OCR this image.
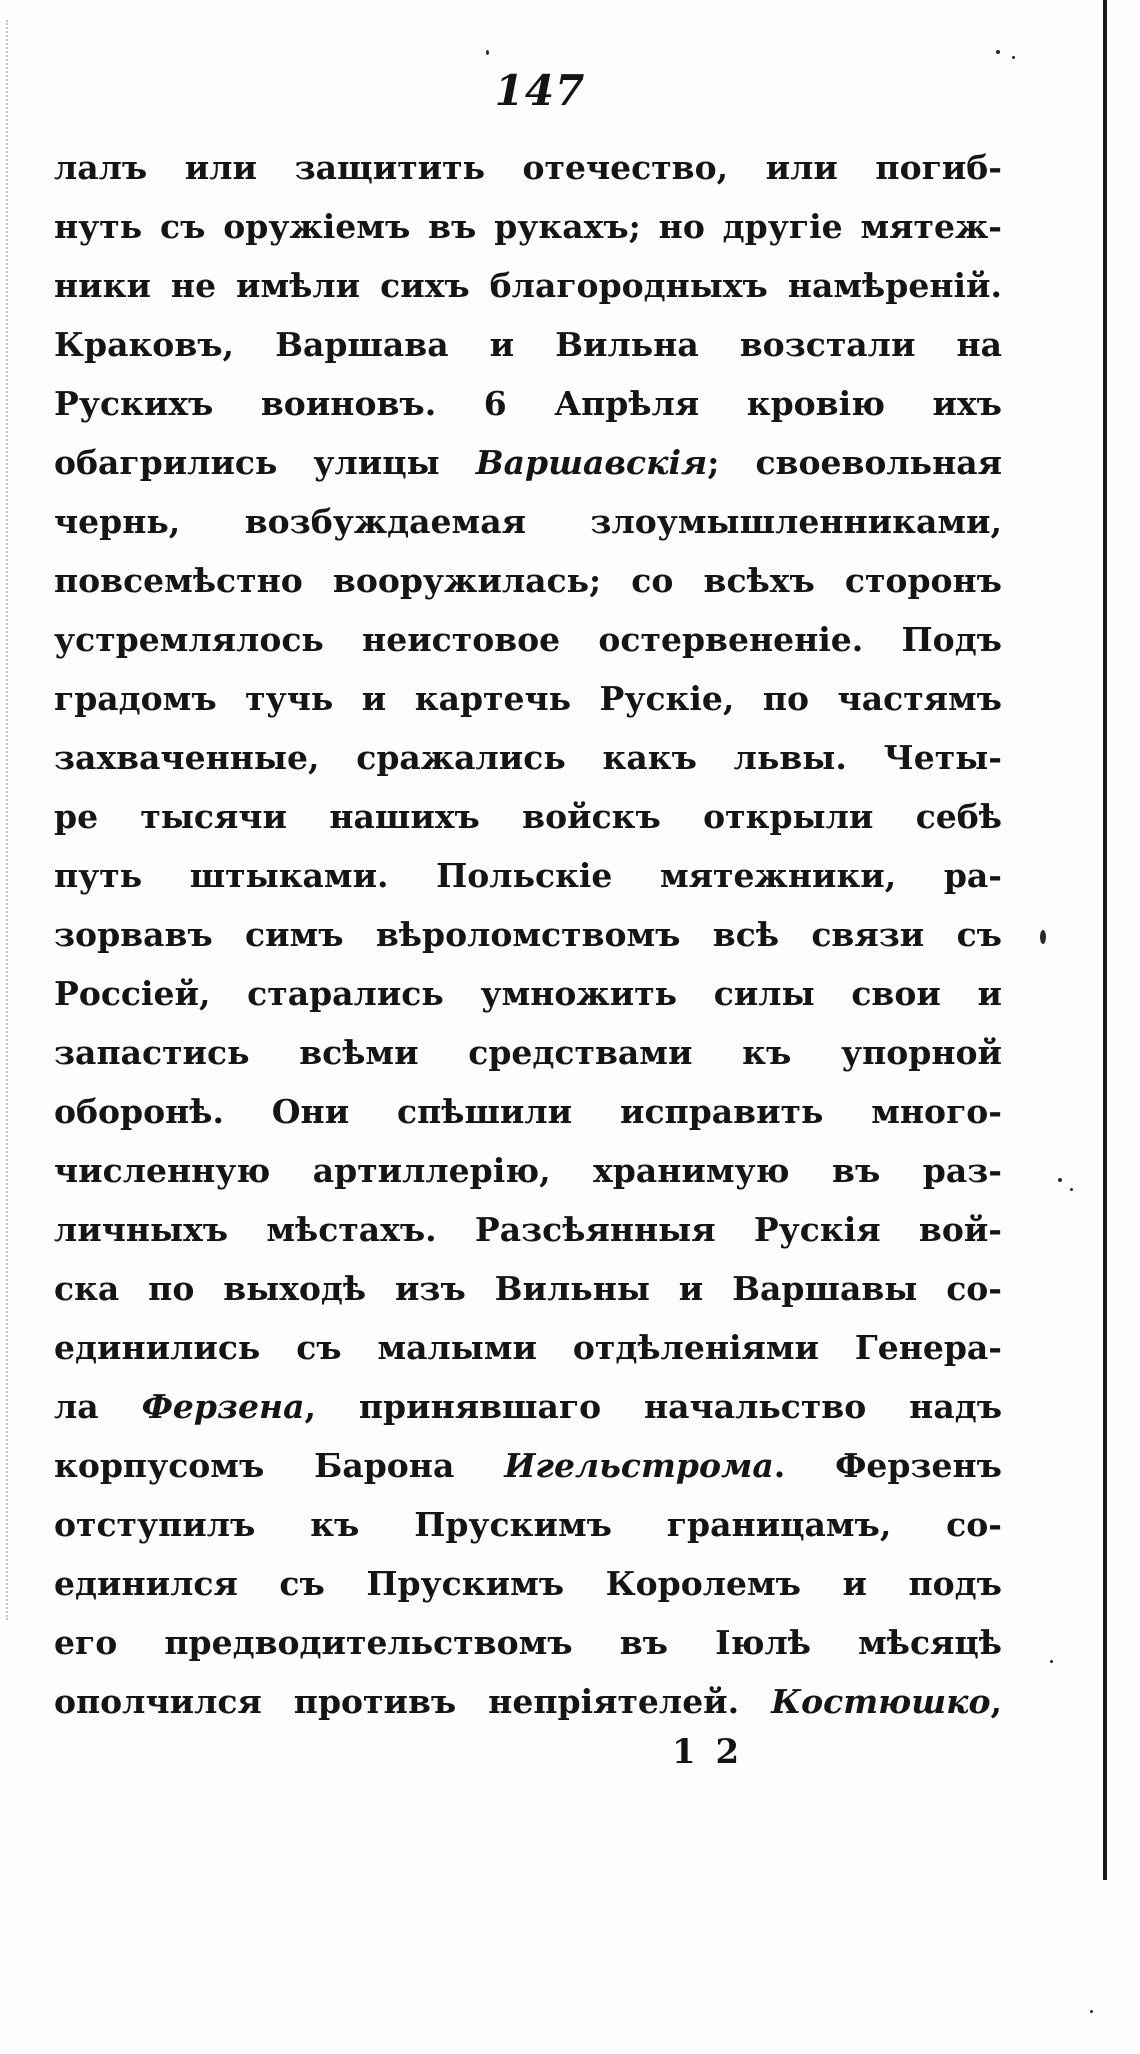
147
лалъ или защитить отечество, или погиб-
нуть съ оружіемъ въ рукахъ; но другіе мятеж-
ники не имѣли сихъ благородныхъ намѣреній.
Краковъ, Варшава и Вильна возстали на
Рускихъ воиновъ. 6 Апрѣля кровію ихъ
обагрились улицы Варшавскія; своевольная
чернь, возбуждаемая злоумышленниками,
повсемѣстно вооружилась; со всѣхъ сторонъ
устремлялось неистовое остервененіе. Подъ
градомъ тучь и картечь Рускіе, по частямъ
захваченные, сражались какъ львы. Четы-
ре тысячи нашихъ войскъ открыли себѣ
путь штыками. Польскіе мятежники, ра-
зорвавъ симъ вѣроломствомъ всѣ связи съ
Россіей, старались умножить силы свои и
запастись всѣми средствами къ упорной
оборонѣ. Они спѣшили исправить много-
численную артиллерію, хранимую въ раз-
личныхъ мѣстахъ. Разсѣянныя Рускія вой-
ска по выходѣ изъ Вильны и Варшавы со-
единились съ малыми отдѣленіями Генера-
ла Ферзена, принявшаго начальство надъ
корпусомъ Барона Игельстрома. Ферзенъ
отступилъ къ Прускимъ границамъ, со-
единился съ Прускимъ Королемъ и подъ
его предводительствомъ въ Іюлѣ мѣсяцѣ
ополчился противъ непріятелей. Костюшко,
1 2
